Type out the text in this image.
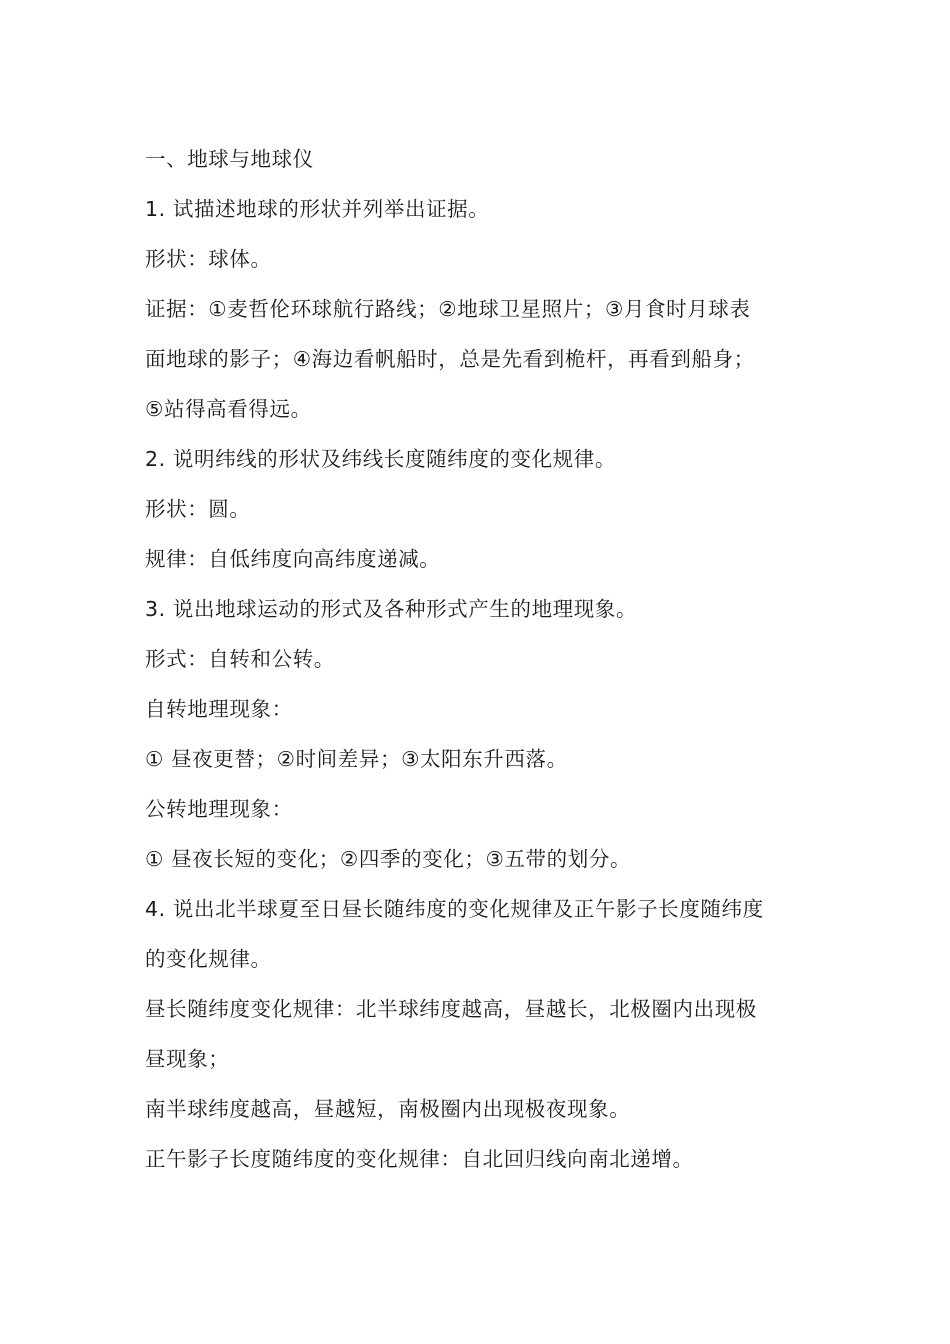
一、地球与地球仪
1. 试描述地球的形状并列举出证据。
形状：球体。
证据：①麦哲伦环球航行路线；②地球卫星照片；③月食时月球表
面地球的影子；④海边看帆船时，总是先看到桅杆，再看到船身；
⑤站得高看得远。
2. 说明纬线的形状及纬线长度随纬度的变化规律。
形状：圆。
规律：自低纬度向高纬度递减。
3. 说出地球运动的形式及各种形式产生的地理现象。
形式：自转和公转。
自转地理现象：
① 昼夜更替；②时间差异；③太阳东升西落。
公转地理现象：
① 昼夜长短的变化；②四季的变化；③五带的划分。
4. 说出北半球夏至日昼长随纬度的变化规律及正午影子长度随纬度
的变化规律。
昼长随纬度变化规律：北半球纬度越高，昼越长，北极圈内出现极
昼现象；
南半球纬度越高，昼越短，南极圈内出现极夜现象。
正午影子长度随纬度的变化规律：自北回归线向南北递增。
